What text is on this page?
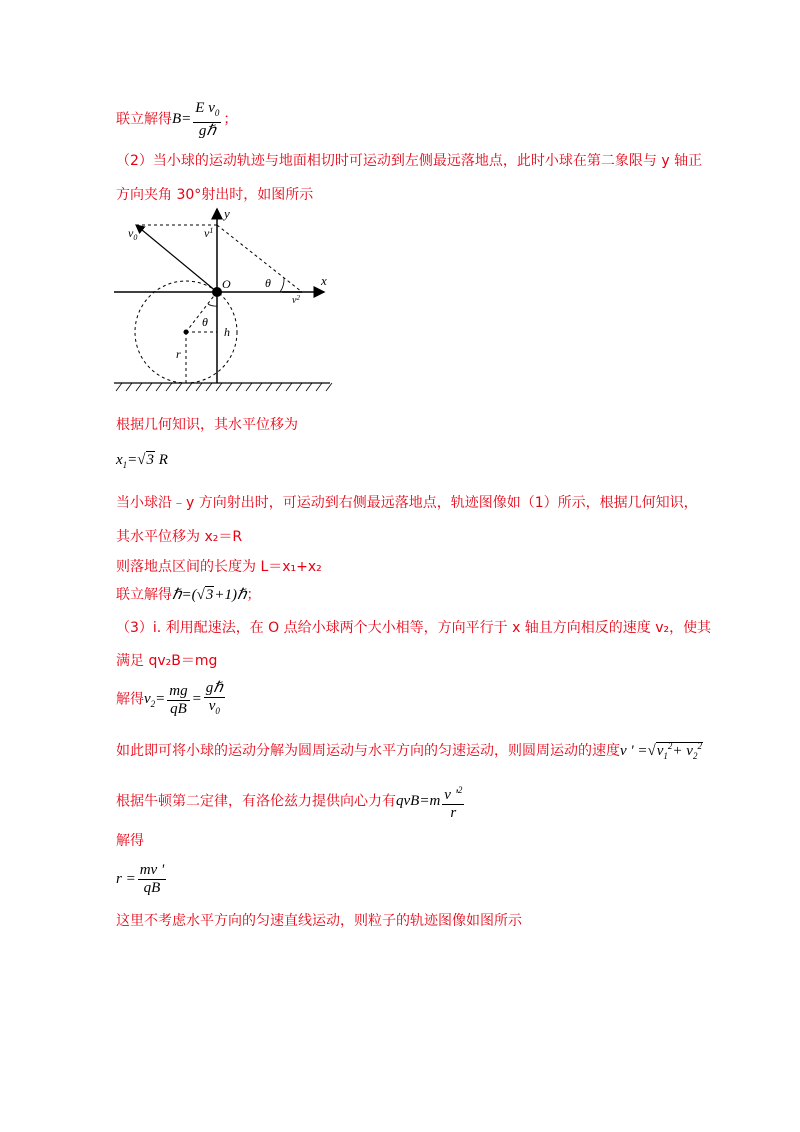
联立解得$B= \frac{E v_0}{\text{gℏ}}$ ；
（2）当小球的运动轨迹与地面相切时可运动到左侧最远落地点，此时小球在第二象限与 y 轴正
方向夹角 30°射出时，如图所示
y
x
O
$v_0$	$v^1$
$v^2$
θ
θ
h
r
根据几何知识，其水平位移为
$x_1=√3$ R
当小球沿﹣y 方向射出时，可运动到右侧最远落地点，轨迹图像如（1）所示，根据几何知识，
其水平位移为 x₂＝R
则落地点区间的长度为 L＝x₁+x₂
联立解得ℏ=(√3+1)ℏ；
（3）i. 利用配速法，在 O 点给小球两个大小相等，方向平行于 x 轴且方向相反的速度 v₂，使其
满足 qv₂B＝mg
解得$v_2= \frac{mg}{qB} = \frac{\text{gℏ}}{v_0}$
如此即可将小球的运动分解为圆周运动与水平方向的匀速运动，则圆周运动的速度v ' $=√v_1^2+ v_2^2$
根据牛顿第二定律，有洛伦兹力提供向心力有$qvB=m \frac{v '^2}{r}$
解得
$r = \frac{mv '}{qB}$
这里不考虑水平方向的匀速直线运动，则粒子的轨迹图像如图所示
